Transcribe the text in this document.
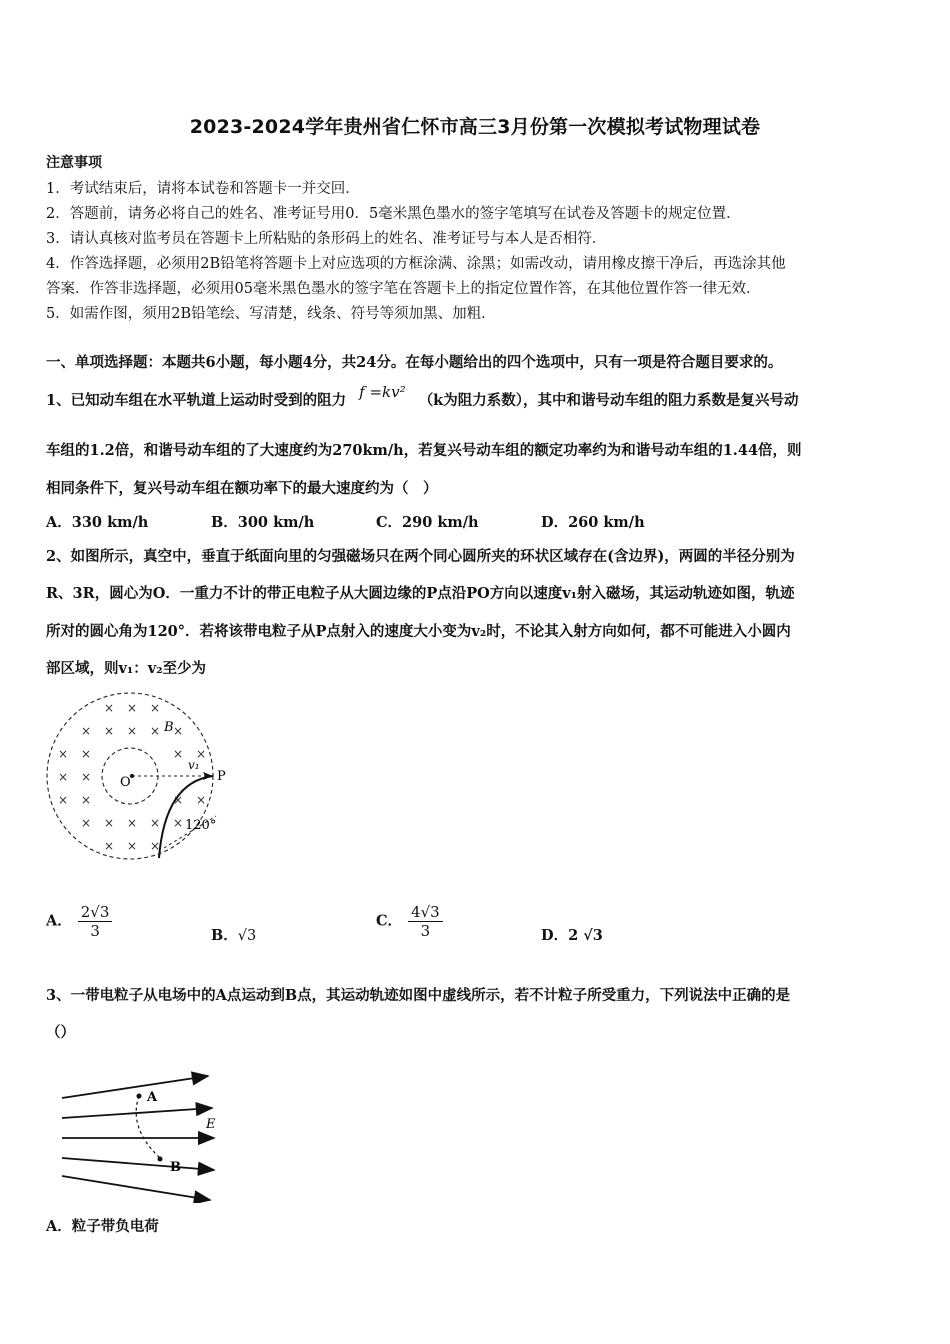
2023-2024学年贵州省仁怀市高三3月份第一次模拟考试物理试卷
注意事项
1．考试结束后，请将本试卷和答题卡一并交回．
2．答题前，请务必将自己的姓名、准考证号用0．5毫米黑色墨水的签字笔填写在试卷及答题卡的规定位置．
3．请认真核对监考员在答题卡上所粘贴的条形码上的姓名、准考证号与本人是否相符．
4．作答选择题，必须用2B铅笔将答题卡上对应选项的方框涂满、涂黑；如需改动，请用橡皮擦干净后，再选涂其他
答案．作答非选择题，必须用05毫米黑色墨水的签字笔在答题卡上的指定位置作答，在其他位置作答一律无效．
5．如需作图，须用2B铅笔绘、写清楚，线条、符号等须加黑、加粗．
一、单项选择题：本题共6小题，每小题4分，共24分。在每小题给出的四个选项中，只有一项是符合题目要求的。
1、已知动车组在水平轨道上运动时受到的阻力 f =kv² （k为阻力系数），其中和谐号动车组的阻力系数是复兴号动
车组的1.2倍，和谐号动车组的了大速度约为270km/h，若复兴号动车组的额定功率约为和谐号动车组的1.44倍，则
相同条件下，复兴号动车组在额功率下的最大速度约为（　）
A．330 km/h	B．300 km/h	C．290 km/h	D．260 km/h
2、如图所示，真空中，垂直于纸面向里的匀强磁场只在两个同心圆所夹的环状区域存在(含边界)，两圆的半径分别为
R、3R，圆心为O．一重力不计的带正电粒子从大圆边缘的P点沿PO方向以速度v₁射入磁场，其运动轨迹如图，轨迹
所对的圆心角为120°．若将该带电粒子从P点射入的速度大小变为v₂时，不论其入射方向如何，都不可能进入小圆内
部区域，则v₁：v₂至少为
× × ×
× × × × ×
× ×	× ×
× ×
× ×	× ×
× × × × ×
× × ×
O	P
v₁
B
120°
A． $\frac{2√3}{3}$	B．√3
C． $\frac{4√3}{3}$	D．2 √3
3、一带电粒子从电场中的A点运动到B点，其运动轨迹如图中虚线所示，若不计粒子所受重力，下列说法中正确的是
（）
A
B
E
A．粒子带负电荷
